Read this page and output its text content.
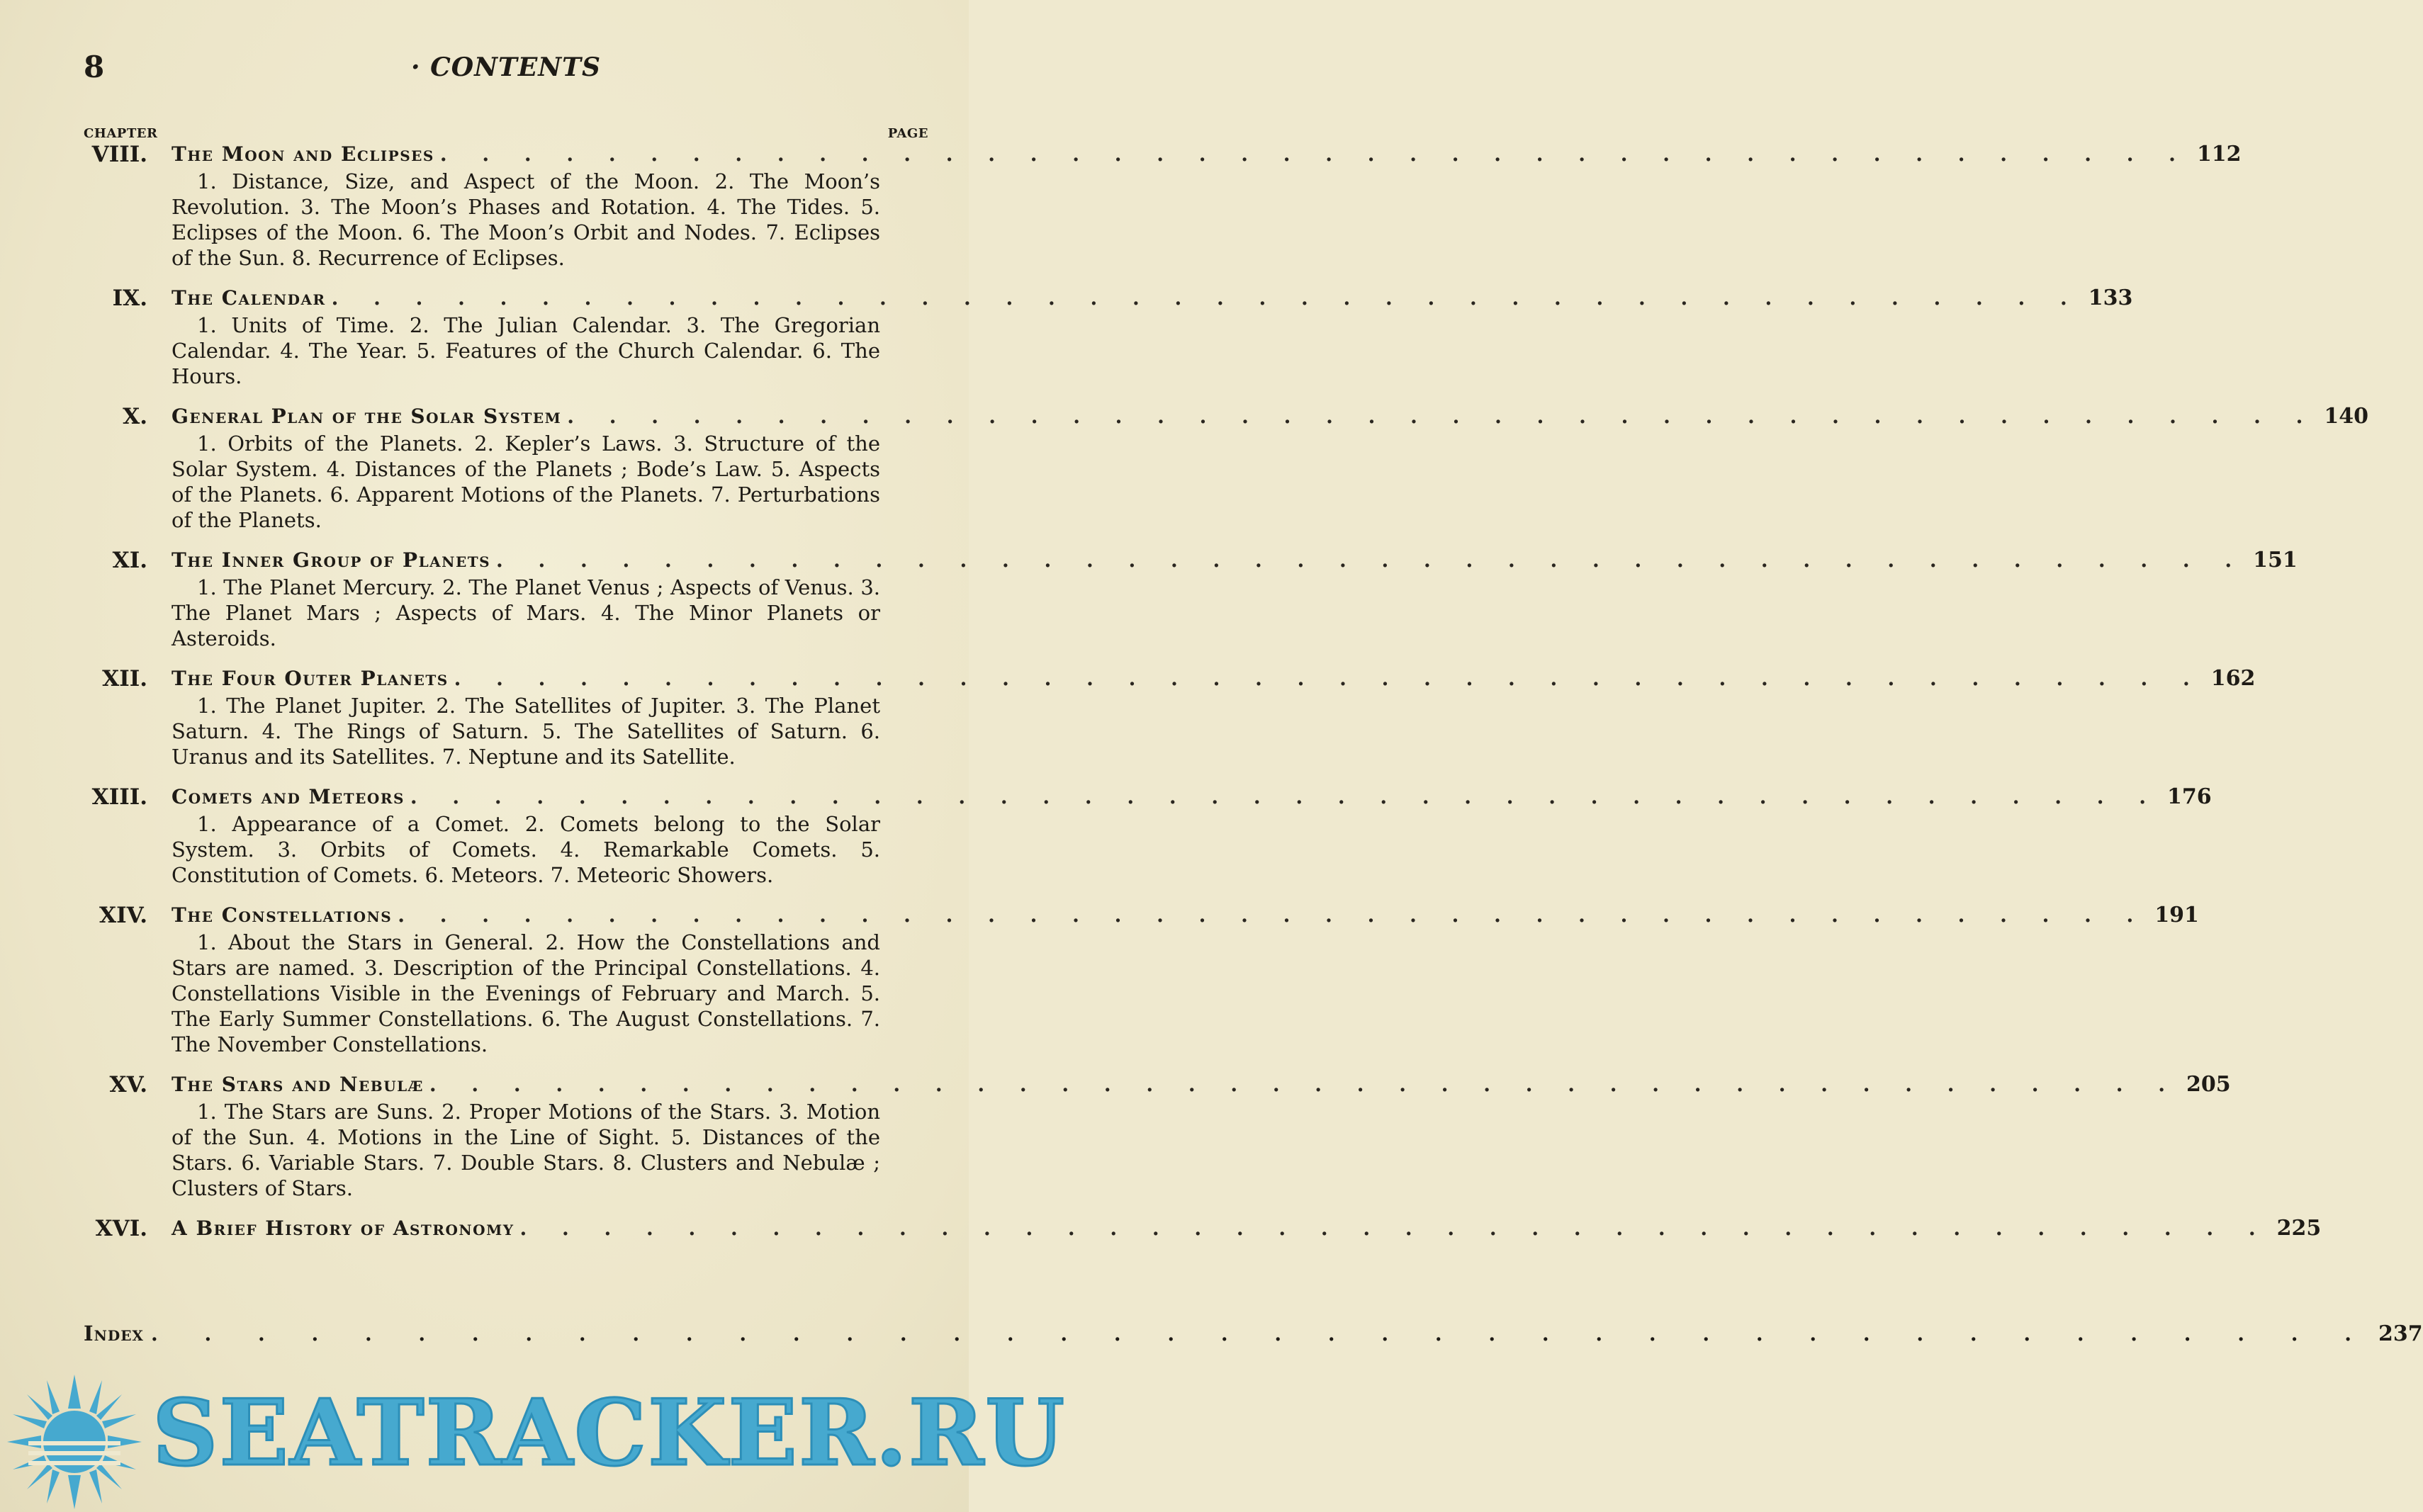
8	· CONTENTS
CHAPTER	PAGE
VIII. The Moon and Eclipses . . .	112
1. Distance, Size, and Aspect of the Moon. 2. The Moon’s Revolution. 3. The Moon’s Phases and Rotation. 4. The Tides. 5. Eclipses of the Moon. 6. The Moon’s Orbit and Nodes. 7. Eclipses of the Sun. 8. Recurrence of Eclipses.
IX. The Calendar . . .	133
1. Units of Time. 2. The Julian Calendar. 3. The Gregorian Calendar. 4. The Year. 5. Features of the Church Calendar. 6. The Hours.
X. General Plan of the Solar System . . .	140
1. Orbits of the Planets. 2. Kepler’s Laws. 3. Structure of the Solar System. 4. Distances of the Planets ; Bode’s Law. 5. Aspects of the Planets. 6. Apparent Motions of the Planets. 7. Perturbations of the Planets.
XI. The Inner Group of Planets . . .	151
1. The Planet Mercury. 2. The Planet Venus ; Aspects of Venus. 3. The Planet Mars ; Aspects of Mars. 4. The Minor Planets or Asteroids.
XII. The Four Outer Planets . . .	162
1. The Planet Jupiter. 2. The Satellites of Jupiter. 3. The Planet Saturn. 4. The Rings of Saturn. 5. The Satellites of Saturn. 6. Uranus and its Satellites. 7. Neptune and its Satellite.
XIII. Comets and Meteors . . .	176
1. Appearance of a Comet. 2. Comets belong to the Solar System. 3. Orbits of Comets. 4. Remarkable Comets. 5. Constitution of Comets. 6. Meteors. 7. Meteoric Showers.
XIV. The Constellations . . .	191
1. About the Stars in General. 2. How the Constellations and Stars are named. 3. Description of the Principal Constellations. 4. Constellations Visible in the Evenings of February and March. 5. The Early Summer Constellations. 6. The August Constellations. 7. The November Constellations.
XV. The Stars and Nebulæ . . .	205
1. The Stars are Suns. 2. Proper Motions of the Stars. 3. Motion of the Sun. 4. Motions in the Line of Sight. 5. Distances of the Stars. 6. Variable Stars. 7. Double Stars. 8. Clusters and Nebulæ ; Clusters of Stars.
XVI. A Brief History of Astronomy . . .	225
Index . . .	237
SEATRACKER.RU
